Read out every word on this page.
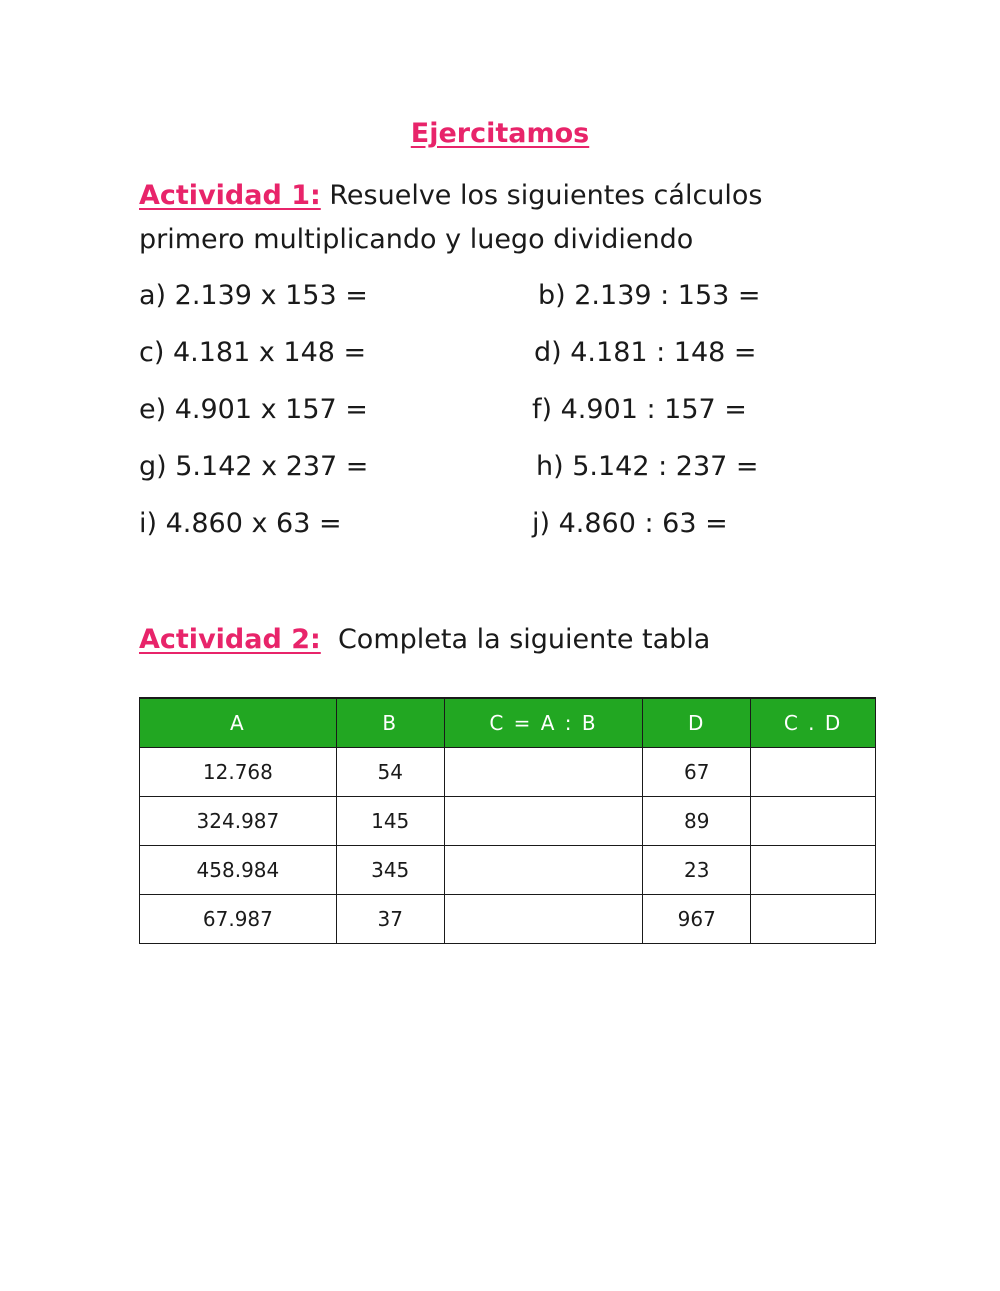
Ejercitamos
Actividad 1: Resuelve los siguientes cálculos
primero multiplicando y luego dividiendo
a) 2.139 x 153 =	b) 2.139 : 153 =
c) 4.181 x 148 =	d) 4.181 : 148 =
e) 4.901 x 157 =	f) 4.901 : 157 =
g) 5.142 x 237 =	h) 5.142 : 237 =
i) 4.860 x 63 =	j) 4.860 : 63 =
Actividad 2:  Completa la siguiente tabla
A	B	C = A : B	D	C . D
12.768	54		67	
324.987	145		89	
458.984	345		23	
67.987	37		967	
